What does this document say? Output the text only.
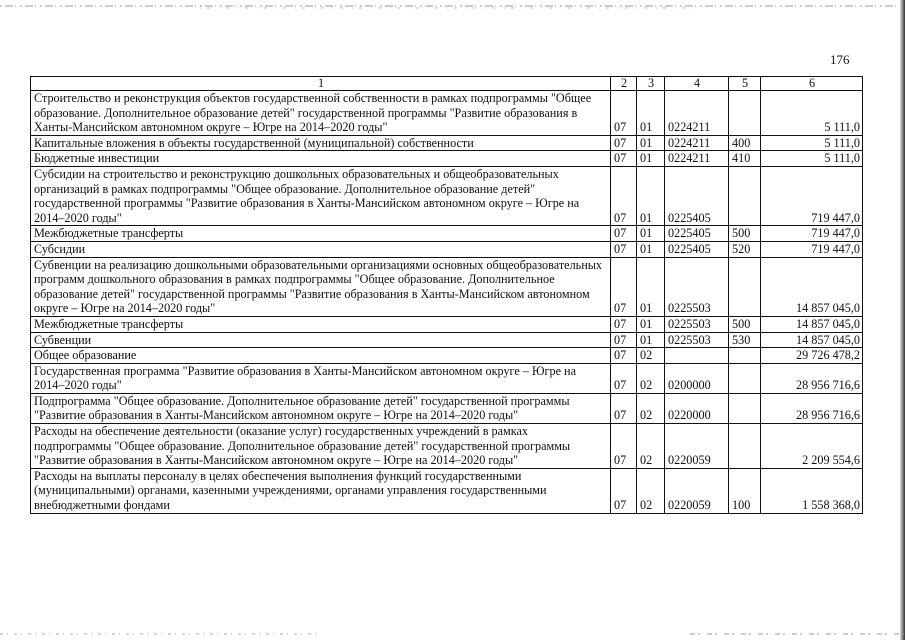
176
1	2	3	4	5	6
Строительство и реконструкция объектов государственной собственности в рамках подпрограммы "Общее образование. Дополнительное образование детей" государственной программы "Развитие образования в Ханты-Мансийском автономном округе – Югре на 2014–2020 годы"	07	01	0224211		5 111,0
Капитальные вложения в объекты государственной (муниципальной) собственности	07	01	0224211	400	5 111,0
Бюджетные инвестиции	07	01	0224211	410	5 111,0
Субсидии на строительство и реконструкцию дошкольных образовательных и общеобразовательных организаций в рамках подпрограммы "Общее образование. Дополнительное образование детей" государственной программы "Развитие образования в Ханты-Мансийском автономном округе – Югре на 2014–2020 годы"	07	01	0225405		719 447,0
Межбюджетные трансферты	07	01	0225405	500	719 447,0
Субсидии	07	01	0225405	520	719 447,0
Субвенции на реализацию дошкольными образовательными организациями основных общеобразовательных программ дошкольного образования в рамках подпрограммы "Общее образование. Дополнительное образование детей" государственной программы "Развитие образования в Ханты-Мансийском автономном округе – Югре на 2014–2020 годы"	07	01	0225503		14 857 045,0
Межбюджетные трансферты	07	01	0225503	500	14 857 045,0
Субвенции	07	01	0225503	530	14 857 045,0
Общее образование	07	02			29 726 478,2
Государственная программа "Развитие образования в Ханты-Мансийском автономном округе – Югре на 2014–2020 годы"	07	02	0200000		28 956 716,6
Подпрограмма "Общее образование. Дополнительное образование детей" государственной программы "Развитие образования в Ханты-Мансийском автономном округе – Югре на 2014–2020 годы"	07	02	0220000		28 956 716,6
Расходы на обеспечение деятельности (оказание услуг) государственных учреждений в рамках подпрограммы "Общее образование. Дополнительное образование детей" государственной программы "Развитие образования в Ханты-Мансийском автономном округе – Югре на 2014–2020 годы"	07	02	0220059		2 209 554,6
Расходы на выплаты персоналу в целях обеспечения выполнения функций государственными (муниципальными) органами, казенными учреждениями, органами управления государственными внебюджетными фондами	07	02	0220059	100	1 558 368,0
